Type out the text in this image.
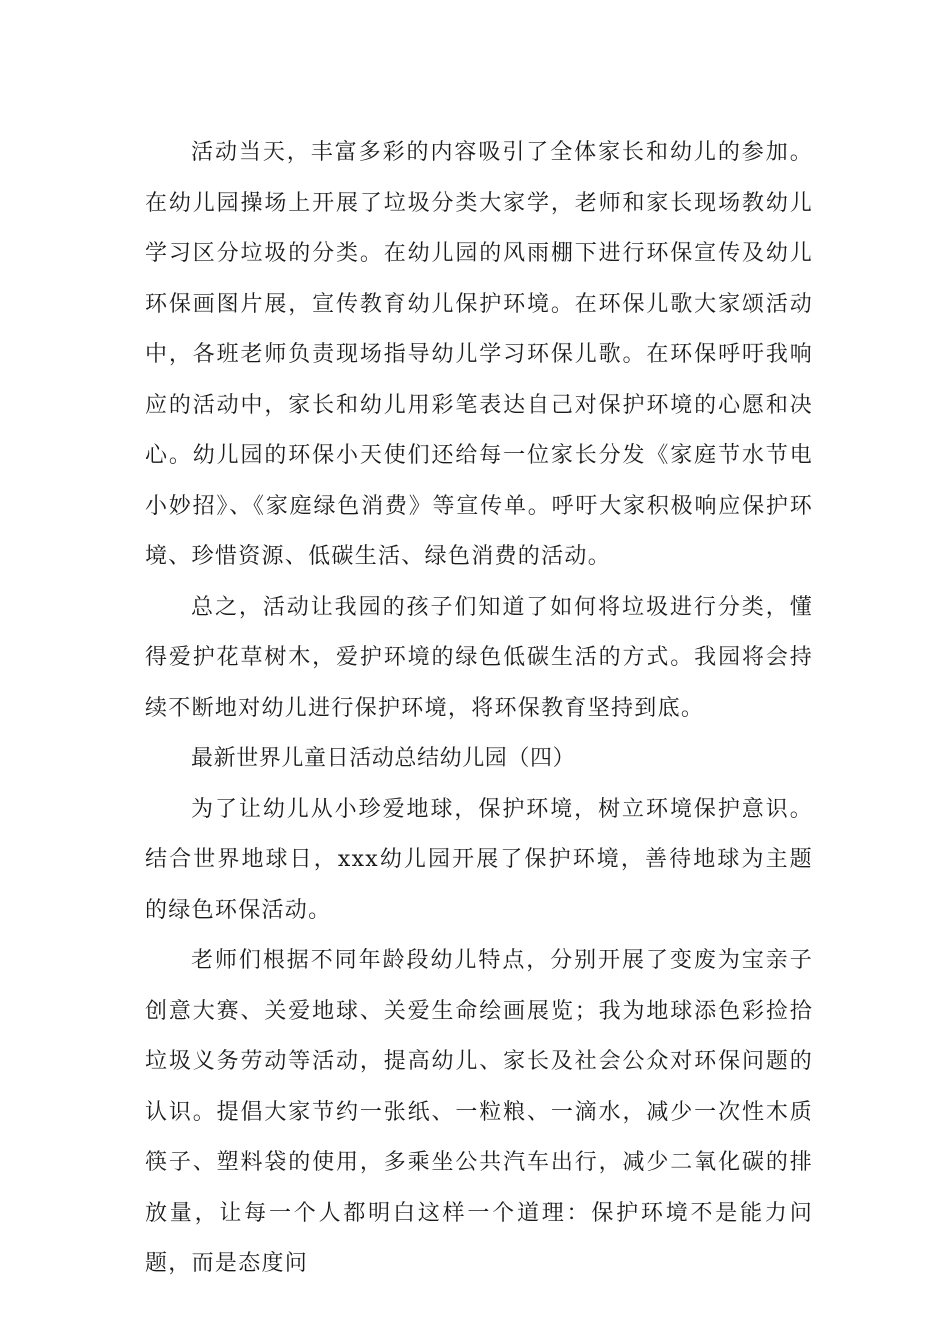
活动当天，丰富多彩的内容吸引了全体家长和幼儿的参加。在幼儿园操场上开展了垃圾分类大家学，老师和家长现场教幼儿学习区分垃圾的分类。在幼儿园的风雨棚下进行环保宣传及幼儿环保画图片展，宣传教育幼儿保护环境。在环保儿歌大家颂活动中，各班老师负责现场指导幼儿学习环保儿歌。在环保呼吁我响应的活动中，家长和幼儿用彩笔表达自己对保护环境的心愿和决心。幼儿园的环保小天使们还给每一位家长分发《家庭节水节电小妙招》、《家庭绿色消费》等宣传单。呼吁大家积极响应保护环境、珍惜资源、低碳生活、绿色消费的活动。

总之，活动让我园的孩子们知道了如何将垃圾进行分类，懂得爱护花草树木，爱护环境的绿色低碳生活的方式。我园将会持续不断地对幼儿进行保护环境，将环保教育坚持到底。

最新世界儿童日活动总结幼儿园（四）

为了让幼儿从小珍爱地球，保护环境，树立环境保护意识。结合世界地球日，xxx幼儿园开展了保护环境，善待地球为主题的绿色环保活动。

老师们根据不同年龄段幼儿特点，分别开展了变废为宝亲子创意大赛、关爱地球、关爱生命绘画展览；我为地球添色彩捡拾垃圾义务劳动等活动，提高幼儿、家长及社会公众对环保问题的认识。提倡大家节约一张纸、一粒粮、一滴水，减少一次性木质筷子、塑料袋的使用，多乘坐公共汽车出行，减少二氧化碳的排放量，让每一个人都明白这样一个道理：保护环境不是能力问题，而是态度问
